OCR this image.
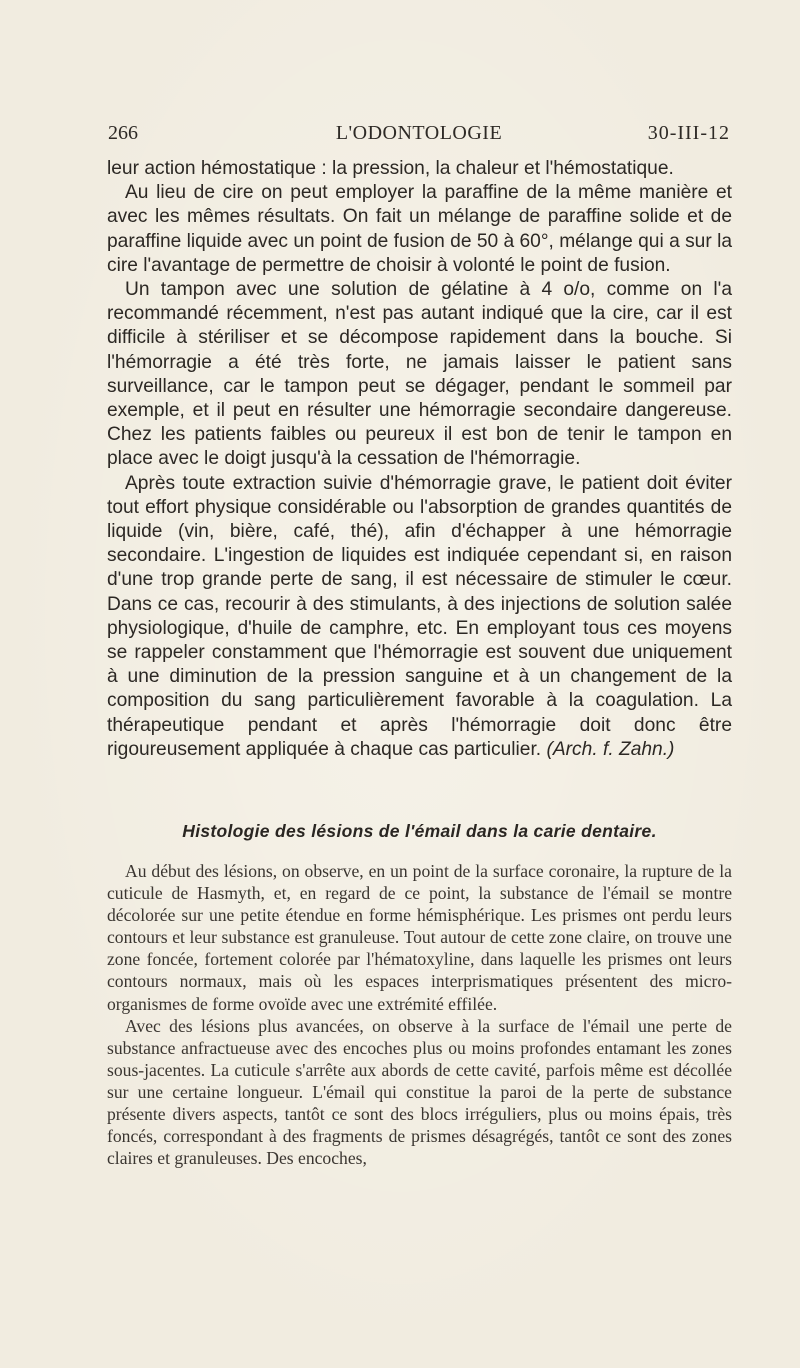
266	L'ODONTOLOGIE	30-III-12

leur action hémostatique : la pression, la chaleur et l'hémostatique.

Au lieu de cire on peut employer la paraffine de la même manière et avec les mêmes résultats. On fait un mélange de paraffine solide et de paraffine liquide avec un point de fusion de 50 à 60°, mélange qui a sur la cire l'avantage de permettre de choisir à volonté le point de fusion.

Un tampon avec une solution de gélatine à 4 o/o, comme on l'a recommandé récemment, n'est pas autant indiqué que la cire, car il est difficile à stériliser et se décompose rapidement dans la bouche. Si l'hémorragie a été très forte, ne jamais laisser le patient sans surveillance, car le tampon peut se dégager, pendant le sommeil par exemple, et il peut en résulter une hémorragie secondaire dangereuse. Chez les patients faibles ou peureux il est bon de tenir le tampon en place avec le doigt jusqu'à la cessation de l'hémorragie.

Après toute extraction suivie d'hémorragie grave, le patient doit éviter tout effort physique considérable ou l'absorption de grandes quantités de liquide (vin, bière, café, thé), afin d'échapper à une hémorragie secondaire. L'ingestion de liquides est indiquée cependant si, en raison d'une trop grande perte de sang, il est nécessaire de stimuler le cœur. Dans ce cas, recourir à des stimulants, à des injections de solution salée physiologique, d'huile de camphre, etc. En employant tous ces moyens se rappeler constamment que l'hémorragie est souvent due uniquement à une diminution de la pression sanguine et à un changement de la composition du sang particulièrement favorable à la coagulation. La thérapeutique pendant et après l'hémorragie doit donc être rigoureusement appliquée à chaque cas particulier. (Arch. f. Zahn.)

Histologie des lésions de l'émail dans la carie dentaire.

Au début des lésions, on observe, en un point de la surface coronaire, la rupture de la cuticule de Hasmyth, et, en regard de ce point, la substance de l'émail se montre décolorée sur une petite étendue en forme hémisphérique. Les prismes ont perdu leurs contours et leur substance est granuleuse. Tout autour de cette zone claire, on trouve une zone foncée, fortement colorée par l'hématoxyline, dans laquelle les prismes ont leurs contours normaux, mais où les espaces interprismatiques présentent des micro-organismes de forme ovoïde avec une extrémité effilée.

Avec des lésions plus avancées, on observe à la surface de l'émail une perte de substance anfractueuse avec des encoches plus ou moins profondes entamant les zones sous-jacentes. La cuticule s'arrête aux abords de cette cavité, parfois même est décollée sur une certaine longueur. L'émail qui constitue la paroi de la perte de substance présente divers aspects, tantôt ce sont des blocs irréguliers, plus ou moins épais, très foncés, correspondant à des fragments de prismes désagrégés, tantôt ce sont des zones claires et granuleuses. Des encoches,
